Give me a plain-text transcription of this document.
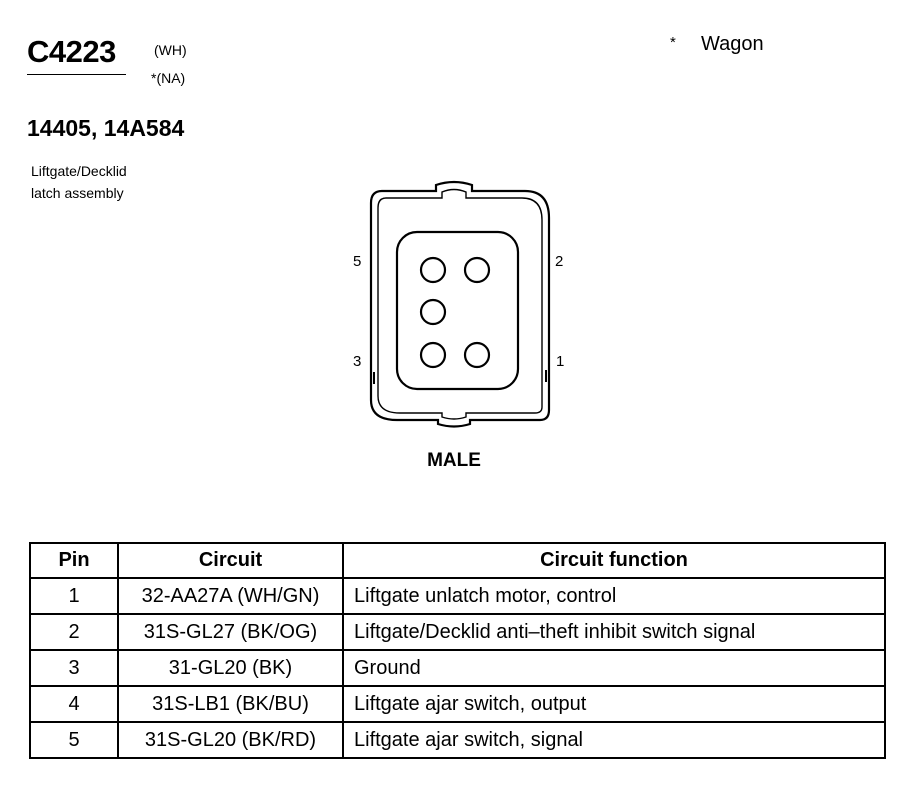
C4223	(WH)
*(NA)
* Wagon
14405, 14A584
Liftgate/Decklid
latch assembly
5	2
3	1
MALE
Pin	Circuit	Circuit function
1	32-AA27A (WH/GN)	Liftgate unlatch motor, control
2	31S-GL27 (BK/OG)	Liftgate/Decklid anti–theft inhibit switch signal
3	31-GL20 (BK)	Ground
4	31S-LB1 (BK/BU)	Liftgate ajar switch, output
5	31S-GL20 (BK/RD)	Liftgate ajar switch, signal
